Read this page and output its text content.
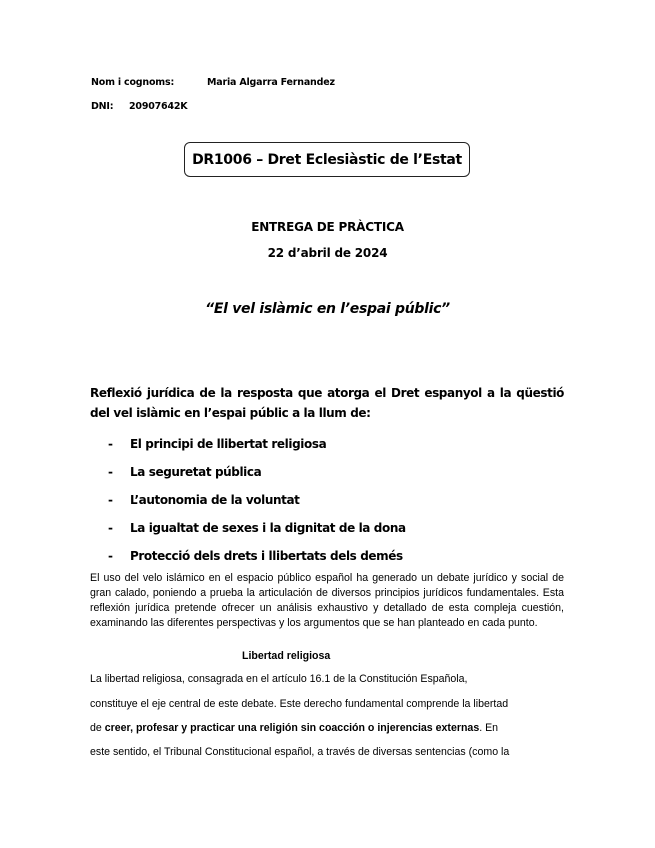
Nom i cognoms:	Maria Algarra Fernandez
DNI: 20907642K
DR1006 – Dret Eclesiàstic de l’Estat
ENTREGA DE PRÀCTICA
22 d’abril de 2024
“El vel islàmic en l’espai públic”
Reflexió jurídica de la resposta que atorga el Dret espanyol a la qüestió del vel islàmic en l’espai públic a la llum de:
-	El principi de llibertat religiosa
-	La seguretat pública
-	L’autonomia de la voluntat
-	La igualtat de sexes i la dignitat de la dona
-	Protecció dels drets i llibertats dels demés
El uso del velo islámico en el espacio público español ha generado un debate jurídico y social de gran calado, poniendo a prueba la articulación de diversos principios jurídicos fundamentales. Esta reflexión jurídica pretende ofrecer un análisis exhaustivo y detallado de esta compleja cuestión, examinando las diferentes perspectivas y los argumentos que se han planteado en cada punto.
Libertad religiosa
La libertad religiosa, consagrada en el artículo 16.1 de la Constitución Española,
constituye el eje central de este debate. Este derecho fundamental comprende la libertad
de creer, profesar y practicar una religión sin coacción o injerencias externas. En
este sentido, el Tribunal Constitucional español, a través de diversas sentencias (como la
